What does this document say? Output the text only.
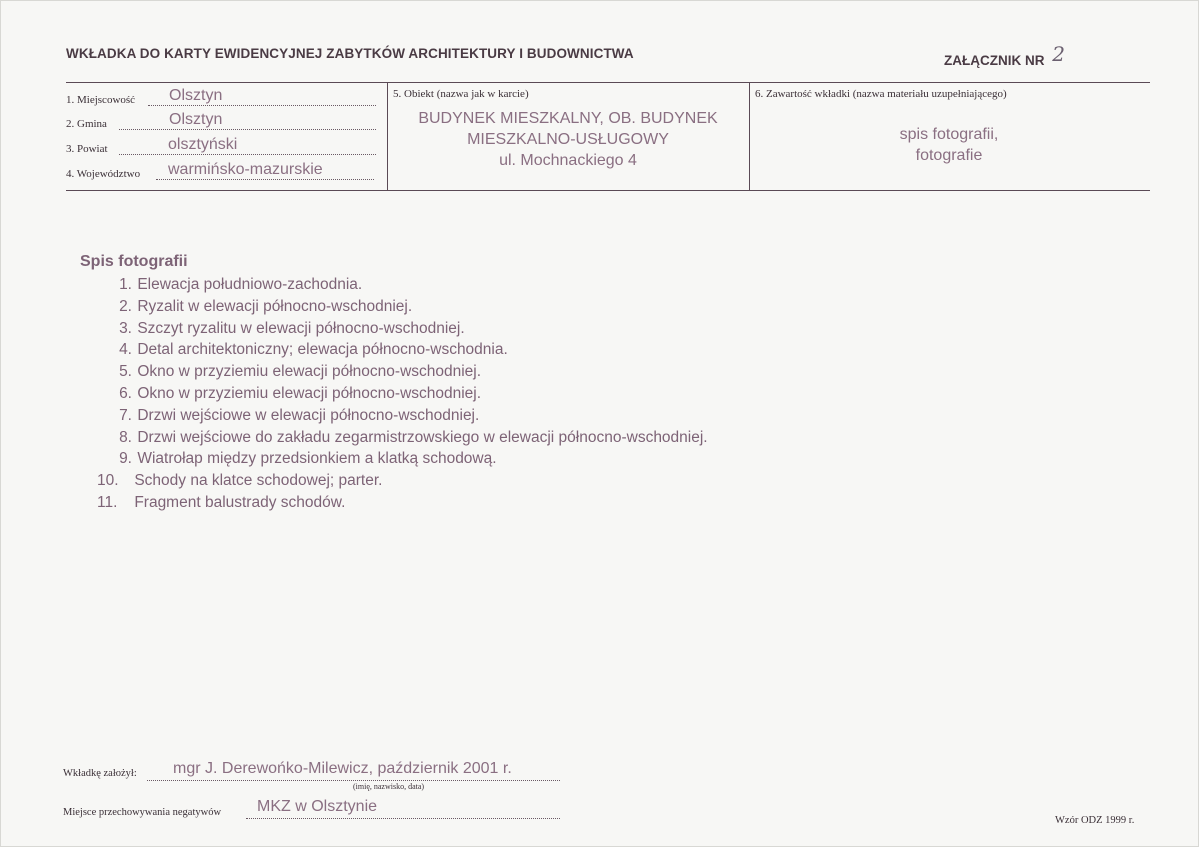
WKŁADKA DO KARTY EWIDENCYJNEJ ZABYTKÓW ARCHITEKTURY I BUDOWNICTWA	ZAŁĄCZNIK NR 2
1. Miejscowość Olsztyn
2. Gmina	Olsztyn
3. Powiat	olsztyński
4. Województwo warmińsko-mazurskie
5. Obiekt (nazwa jak w karcie)
BUDYNEK MIESZKALNY, OB. BUDYNEK
MIESZKALNO-USŁUGOWY
ul. Mochnackiego 4
6. Zawartość wkładki (nazwa materiału uzupełniającego)
spis fotografii,
fotografie
Spis fotografii
1. Elewacja południowo-zachodnia.
2. Ryzalit w elewacji północno-wschodniej.
3. Szczyt ryzalitu w elewacji północno-wschodniej.
4. Detal architektoniczny; elewacja północno-wschodnia.
5. Okno w przyziemiu elewacji północno-wschodniej.
6. Okno w przyziemiu elewacji północno-wschodniej.
7. Drzwi wejściowe w elewacji północno-wschodniej.
8. Drzwi wejściowe do zakładu zegarmistrzowskiego w elewacji północno-wschodniej.
9. Wiatrołap między przedsionkiem a klatką schodową.
10. Schody na klatce schodowej; parter.
11. Fragment balustrady schodów.
Wkładkę założył: mgr J. Derewońko-Milewicz, październik 2001 r.
(imię, nazwisko, data)
Miejsce przechowywania negatywów MKZ w Olsztynie
Wzór ODZ 1999 r.
